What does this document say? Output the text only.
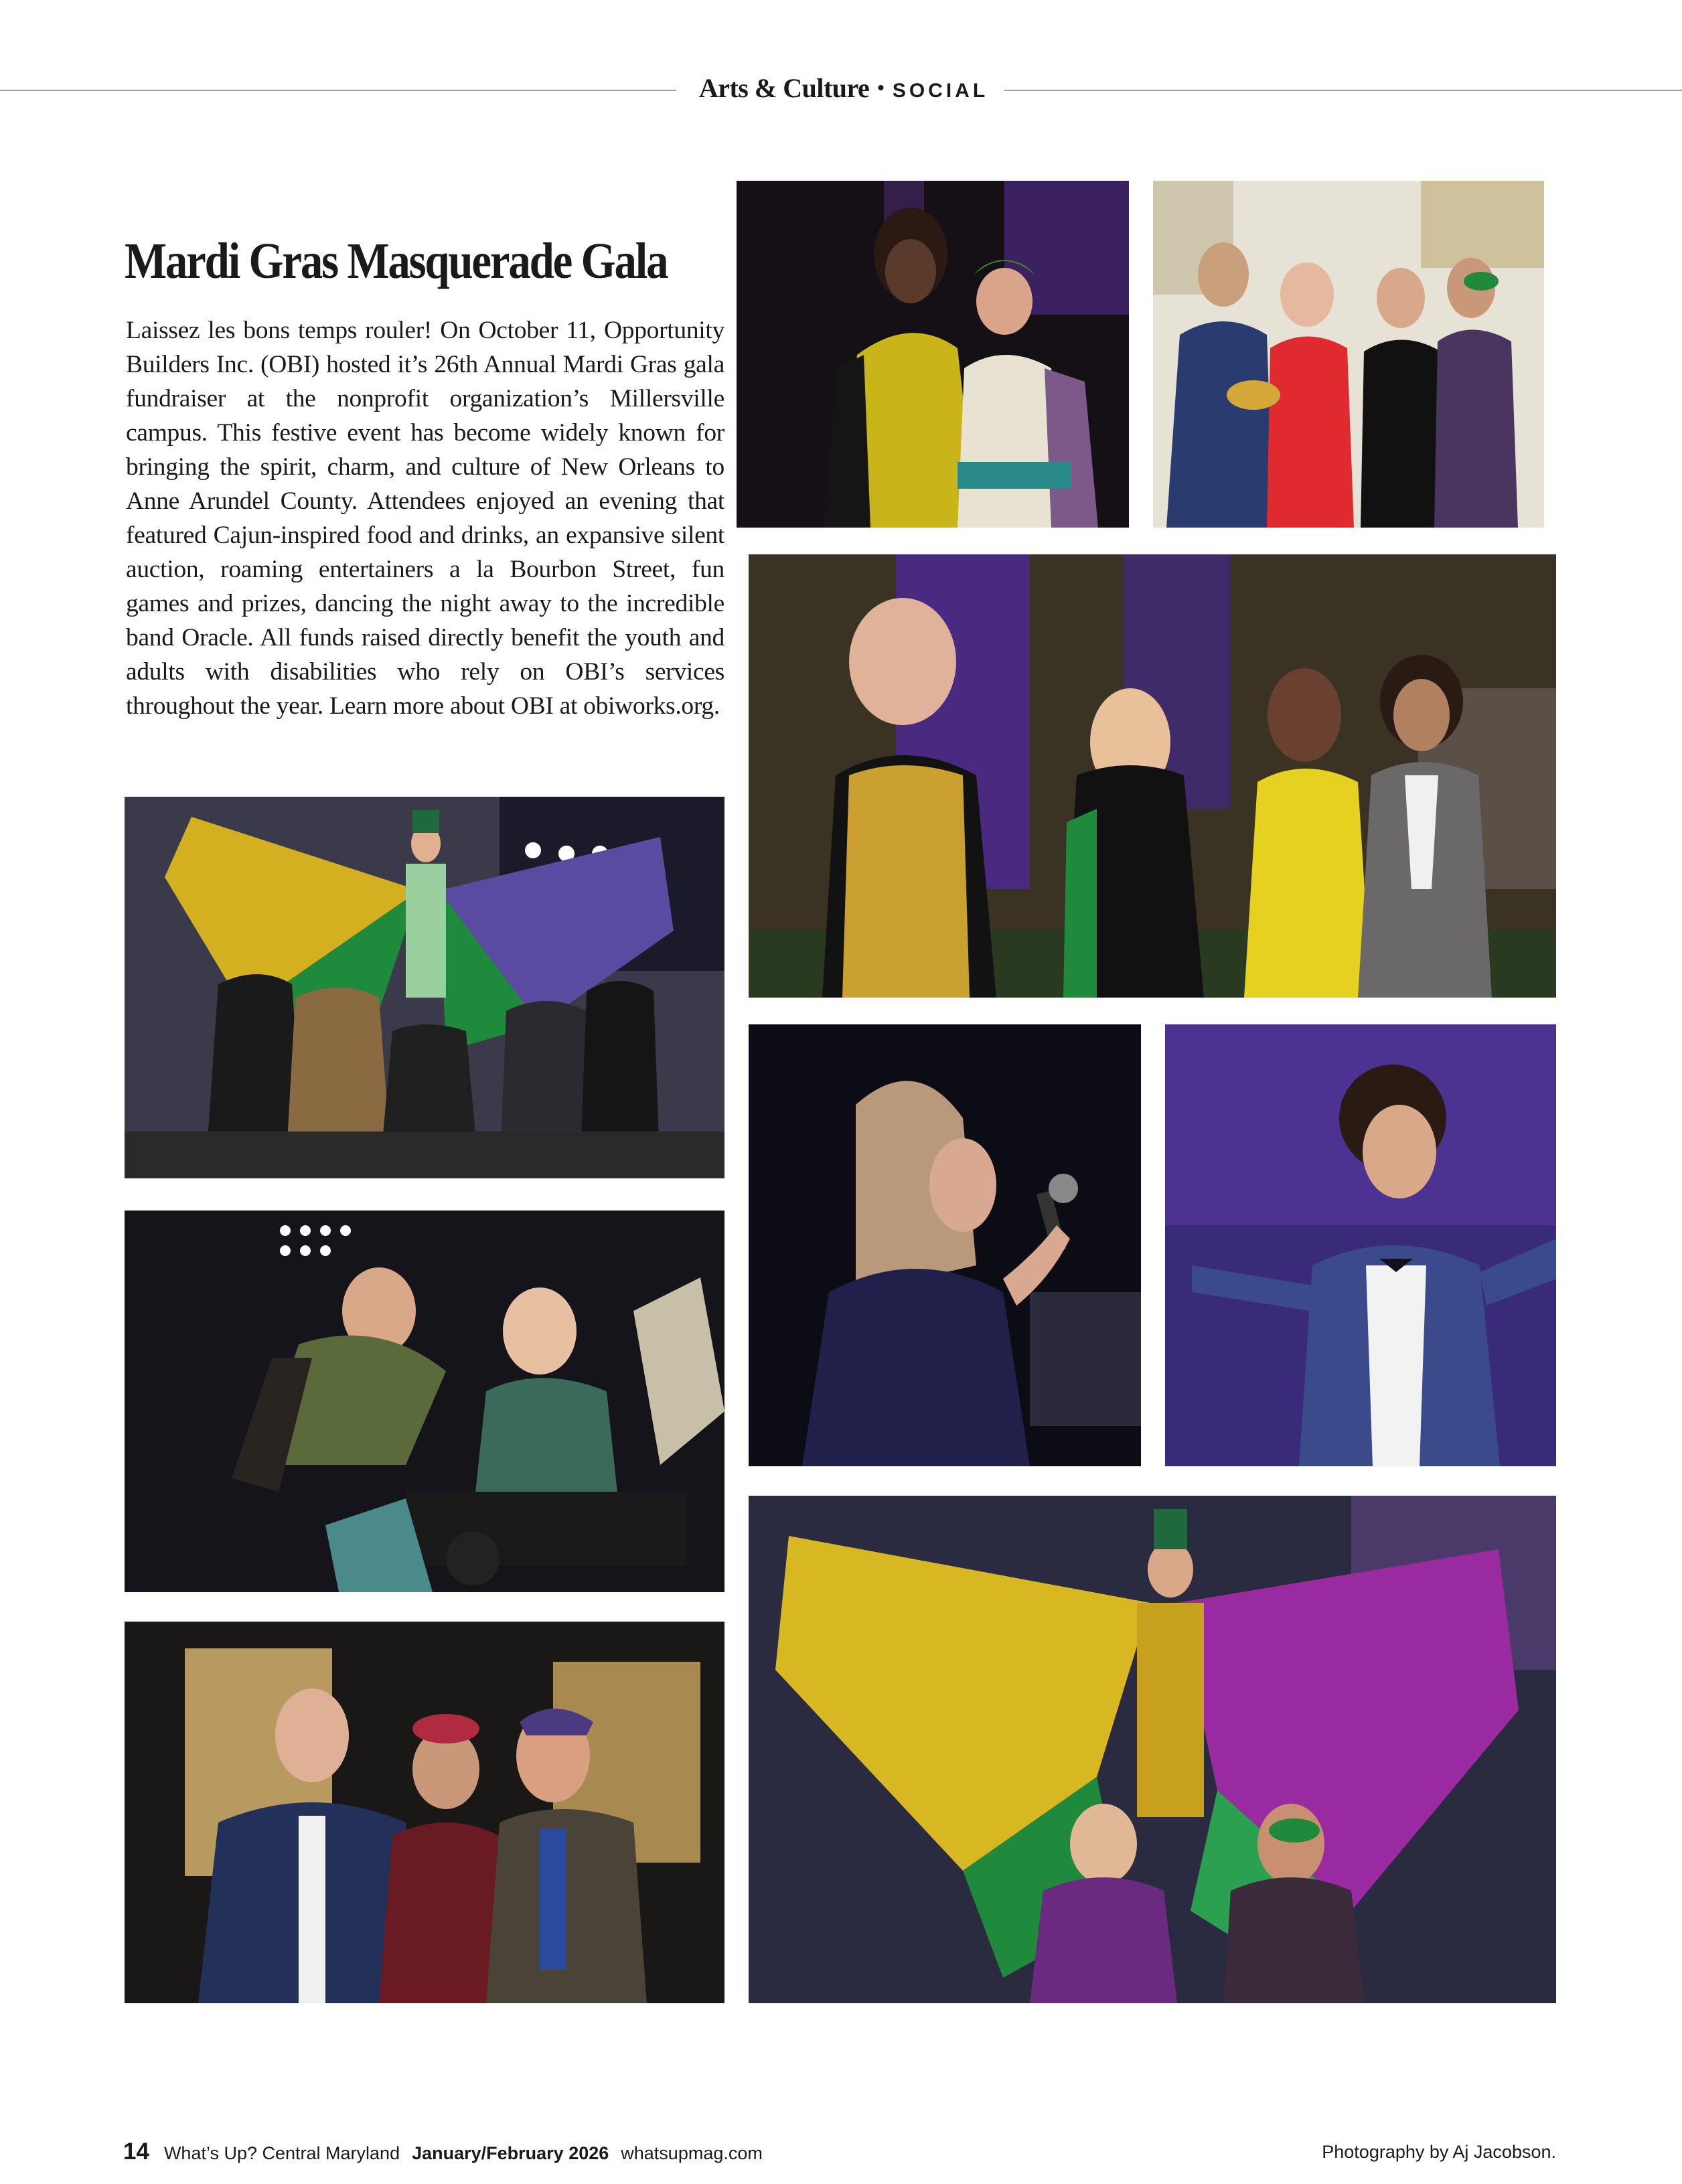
Arts & Culture • SOCIAL
Mardi Gras Masquerade Gala
Laissez les bons temps rouler! On October 11, Opportunity Builders Inc. (OBI) hosted it’s 26th Annual Mardi Gras gala fundraiser at the nonprofit organization’s Millersville campus. This festive event has become widely known for bringing the spirit, charm, and culture of New Orleans to Anne Arundel County. Attendees enjoyed an evening that featured Cajun-inspired food and drinks, an expansive silent auction, roaming entertainers a la Bourbon Street, fun games and prizes, dancing the night away to the incredible band Oracle. All funds raised directly benefit the youth and adults with disabilities who rely on OBI’s services throughout the year. Learn more about OBI at obiworks.org.
14 What’s Up? Central Maryland January/February 2026 whatsupmag.com	Photography by Aj Jacobson.
